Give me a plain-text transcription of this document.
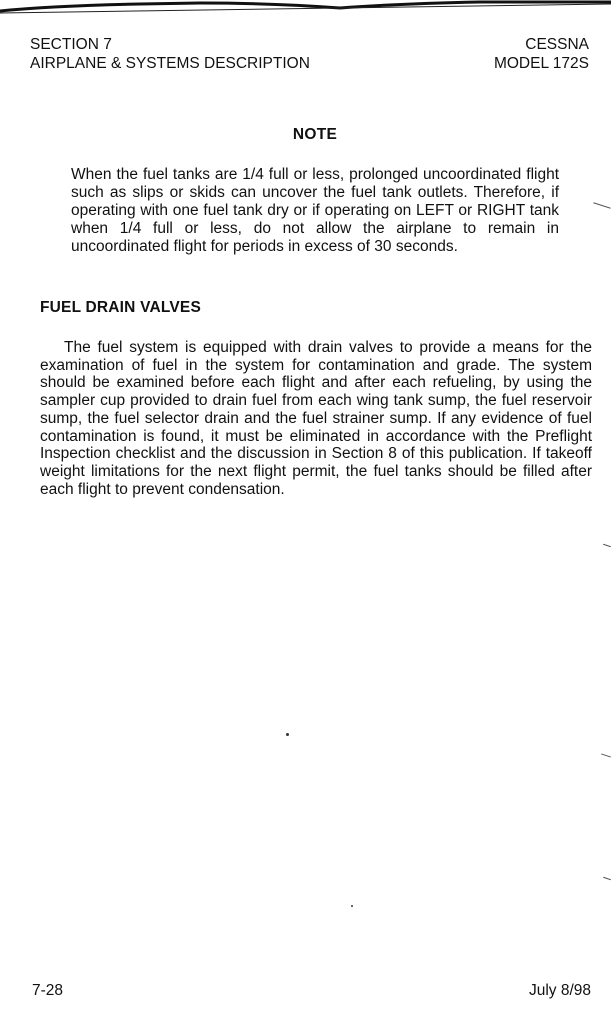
SECTION 7
AIRPLANE & SYSTEMS DESCRIPTION
CESSNA
MODEL 172S
NOTE
When the fuel tanks are 1/4 full or less, prolonged uncoordinated flight such as slips or skids can uncover the fuel tank outlets. Therefore, if operating with one fuel tank dry or if operating on LEFT or RIGHT tank when 1/4 full or less, do not allow the airplane to remain in uncoordinated flight for periods in excess of 30 seconds.
FUEL DRAIN VALVES
The fuel system is equipped with drain valves to provide a means for the examination of fuel in the system for contamination and grade. The system should be examined before each flight and after each refueling, by using the sampler cup provided to drain fuel from each wing tank sump, the fuel reservoir sump, the fuel selector drain and the fuel strainer sump. If any evidence of fuel contamination is found, it must be eliminated in accordance with the Preflight Inspection checklist and the discussion in Section 8 of this publication. If takeoff weight limitations for the next flight permit, the fuel tanks should be filled after each flight to prevent condensation.
7-28	July 8/98
